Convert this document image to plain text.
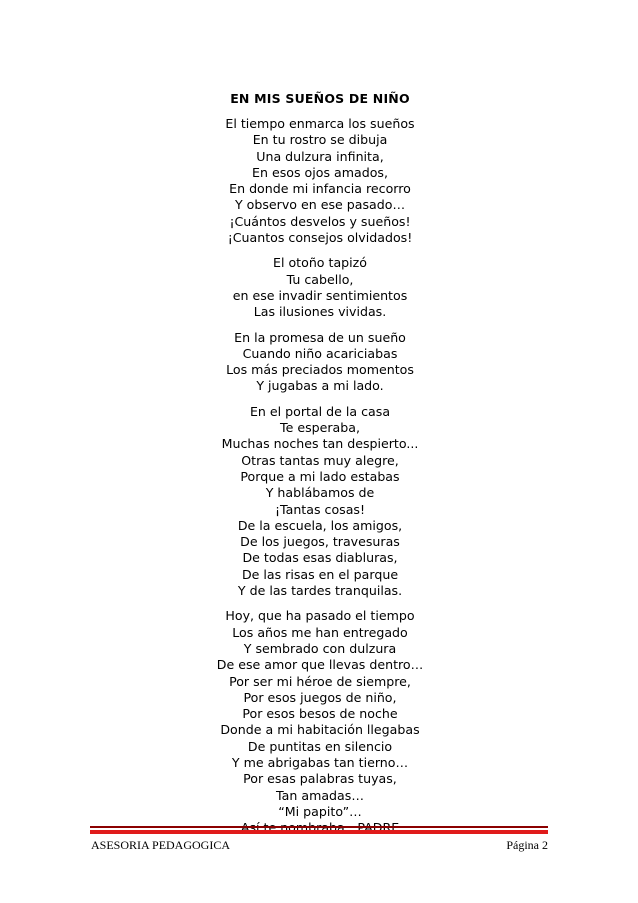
EN MIS SUEÑOS DE NIÑO
El tiempo enmarca los sueños
En tu rostro se dibuja
Una dulzura infinita,
En esos ojos amados,
En donde mi infancia recorro
Y observo en ese pasado…
¡Cuántos desvelos y sueños!
¡Cuantos consejos olvidados!
El otoño tapizó
Tu cabello,
en ese invadir sentimientos
Las ilusiones vividas.
En la promesa de un sueño
Cuando niño acariciabas
Los más preciados momentos
Y jugabas a mi lado.
En el portal de la casa
Te esperaba,
Muchas noches tan despierto...
Otras tantas muy alegre,
Porque a mi lado estabas
Y hablábamos de
¡Tantas cosas!
De la escuela, los amigos,
De los juegos, travesuras
De todas esas diabluras,
De las risas en el parque
Y de las tardes tranquilas.
Hoy, que ha pasado el tiempo
Los años me han entregado
Y sembrado con dulzura
De ese amor que llevas dentro…
Por ser mi héroe de siempre,
Por esos juegos de niño,
Por esos besos de noche
Donde a mi habitación llegabas
De puntitas en silencio
Y me abrigabas tan tierno…
Por esas palabras tuyas,
Tan amadas…
“Mi papito”…
ASESORIA PEDAGOGICA	Página 2
